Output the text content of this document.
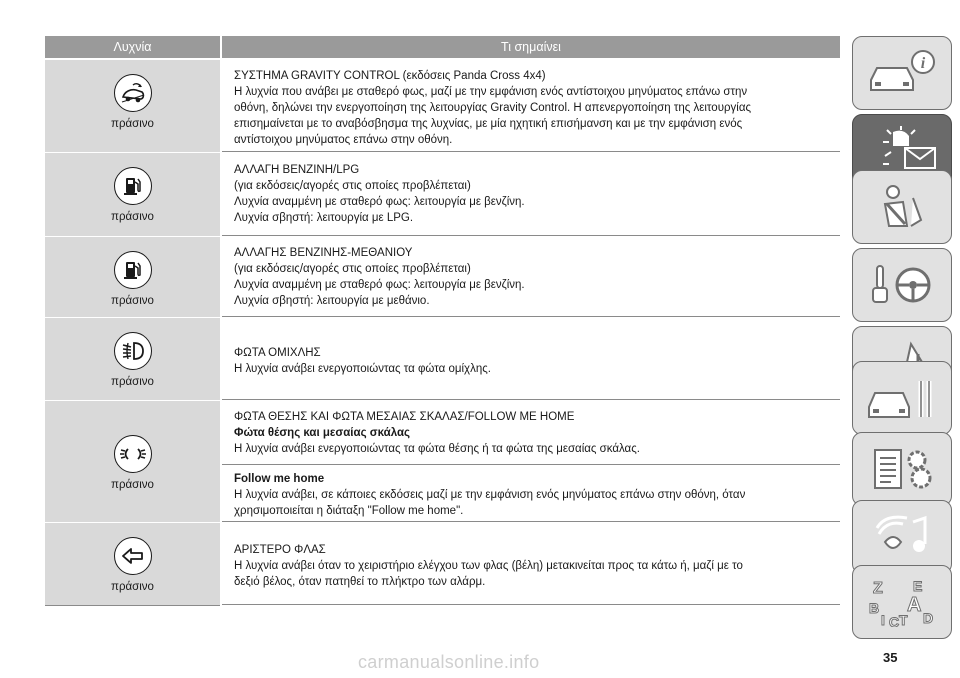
Λυχνία	Τι σημαίνει
πράσινο

ΣΥΣΤΗΜΑ GRAVITY CONTROL (εκδόσεις Panda Cross 4x4)

Η λυχνία που ανάβει με σταθερό φως, μαζί με την εμφάνιση ενός αντίστοιχου μηνύματος επάνω στην

οθόνη, δηλώνει την ενεργοποίηση της λειτουργίας Gravity Control. Η απενεργοποίηση της λειτουργίας

επισημαίνεται με το αναβόσβησμα της λυχνίας, με μία ηχητική επισήμανση και με την εμφάνιση ενός

αντίστοιχου μηνύματος επάνω στην οθόνη.

πράσινο

ΑΛΛΑΓΗ ΒΕΝΖΙΝΗ/LPG

(για εκδόσεις/αγορές στις οποίες προβλέπεται)

Λυχνία αναμμένη με σταθερό φως: λειτουργία με βενζίνη.

Λυχνία σβηστή: λειτουργία με LPG.

πράσινο

ΑΛΛΑΓΗΣ ΒΕΝΖΙΝΗΣ-ΜΕΘΑΝΙΟΥ

(για εκδόσεις/αγορές στις οποίες προβλέπεται)

Λυχνία αναμμένη με σταθερό φως: λειτουργία με βενζίνη.

Λυχνία σβηστή: λειτουργία με μεθάνιο.

πράσινο

ΦΩΤΑ ΟΜΙΧΛΗΣ

Η λυχνία ανάβει ενεργοποιώντας τα φώτα ομίχλης.

πράσινο

ΦΩΤΑ ΘΕΣΗΣ ΚΑΙ ΦΩΤΑ ΜΕΣΑΙΑΣ ΣΚΑΛΑΣ/FOLLOW ME HOME

Φώτα θέσης και μεσαίας σκάλας

Η λυχνία ανάβει ενεργοποιώντας τα φώτα θέσης ή τα φώτα της μεσαίας σκάλας.

Follow me home

Η λυχνία ανάβει, σε κάποιες εκδόσεις μαζί με την εμφάνιση ενός μηνύματος επάνω στην οθόνη, όταν

χρησιμοποιείται η διάταξη "Follow me home".

πράσινο

ΑΡΙΣΤΕΡΟ ΦΛΑΣ

Η λυχνία ανάβει όταν το χειριστήριο ελέγχου των φλας (βέλη) μετακινείται προς τα κάτω ή, μαζί με το

δεξιό βέλος, όταν πατηθεί το πλήκτρο των αλάρμ.

i
Z E
B A
I C T D
35
carmanualsonline.info
